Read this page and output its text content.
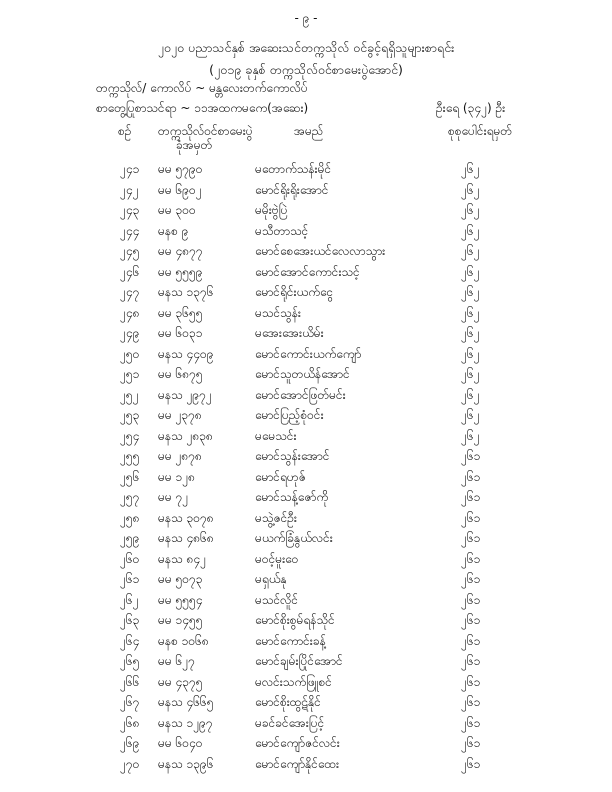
- ၉ -
၂၀၂၀ ပညာသင်နှစ် အဆေးသင်တက္ကသိုလ် ဝင်ခွင့်ရရှိသူများစာရင်း
(၂၀၁၉ ခုနှစ် တက္ကသိုလ်ဝင်စာမေးပွဲအောင်)
တက္ကသိုလ်/ ကောလိပ် ~ မန္တလေးတက်ကောလိပ်
စာတွေ့ပြုစာသင်ရာ ~ ၁၁အထကမကေ(အဆေး)	ဦးရေ (၃၄၂) ဦး
စဉ် တက္ကသိုလ်ဝင်စာမေးပွဲ
ခုံအမှတ်
အမည်	စုစုပေါင်းရမှတ်
၂၄၁ မမ ၅၇၉၀	မတောက်သန်းမိုင်	၂၆၂
၂၄၂ မမ ၆၉၀၂	မောင်ရိုးရိုးအောင်	၂၆၂
၂၄၃ မမ ၃၀၀	မမိုးဗွဲပြဲ	၂၆၂
၂၄၄ မနစ ၉	မသီတာသင့်	၂၆၂
၂၄၅ မမ ၄၈၇၇	မောင်စေအေးယင်လေလာသွား	၂၆၂
၂၄၆ မမ ၅၅၅၉	မောင်အောင်ကောင်းသင့်	၂၆၂
၂၄၇ မနသ ၁၃၇၆	မောင်ရိုင်းယက်ငွေ	၂၆၂
၂၄၈ မမ ၃၆၅၅	မသင်သွန်း	၂၆၂
၂၄၉ မမ ၆၀၃၁	မအေးအေးယိမ်း	၂၆၂
၂၅၀ မနသ ၄၄၀၉	မောင်ကောင်းယက်ကျော်	၂၆၂
၂၅၁ မမ ၆၈၇၅	မောင်သူတယိန်အောင်	၂၆၂
၂၅၂ မနသ ၂၉၇၂	မောင်အောင်ဖြတ်မင်း	၂၆၂
၂၅၃ မမ ၂၃၇၈	မောင်ပြည့်စုံဝင်း	၂၆၂
၂၅၄ မနသ ၂၈၃၈	မမေသင်း	၂၆၂
၂၅၅ မမ ၂၈၇၈	မောင်သွန်းအောင်	၂၆၁
၂၅၆ မမ ၁၂၈	မောင်ရဟုဇ်	၂၆၁
၂၅၇ မမ ၇၂	မောင်သန့်ဇော်ကို	၂၆၁
၂၅၈ မနသ ၃၀၇၈	မသွဲ့ဇင်ဦး	၂၆၁
၂၅၉ မနသ ၄၈၆၈	မယက်ခြံနွယ်လင်း	၂၆၁
၂၆၀ မနသ ၈၄၂	မဝင့်မူးဝေ	၂၆၁
၂၆၁ မမ ၅၀၇၃	မရှယ်နု	၂၆၁
၂၆၂ မမ ၅၅၅၄	မသင်လိူင်	၂၆၁
၂၆၃ မမ ၁၄၅၅	မောင်စိုးစွမ်ရန်သိုင်	၂၆၁
၂၆၄ မနစ ၁၀၆၈	မောင်ကောင်းခန့်	၂၆၁
၂၆၅ မမ ၆၂၇	မောင်ချမ်းပြိုင်အောင်	၂၆၁
၂၆၆ မမ ၄၃၇၅	မလင်းသက်ဖြူစင်	၂၆၁
၂၆၇ မနသ ၄၆၆၅	မောင်စိုးထွဋ်နိုင်	၂၆၁
၂၆၈ မနသ ၁၂၉၇	မခင်ခင်အေးပြင့်	၂၆၁
၂၆၉ မမ ၆၀၄၀	မောင်ကျော်ဇင်လင်း	၂၆၁
၂၇၀ မနသ ၁၃၉၆	မောင်ကျော်နိုင်ထေး	၂၆၁
